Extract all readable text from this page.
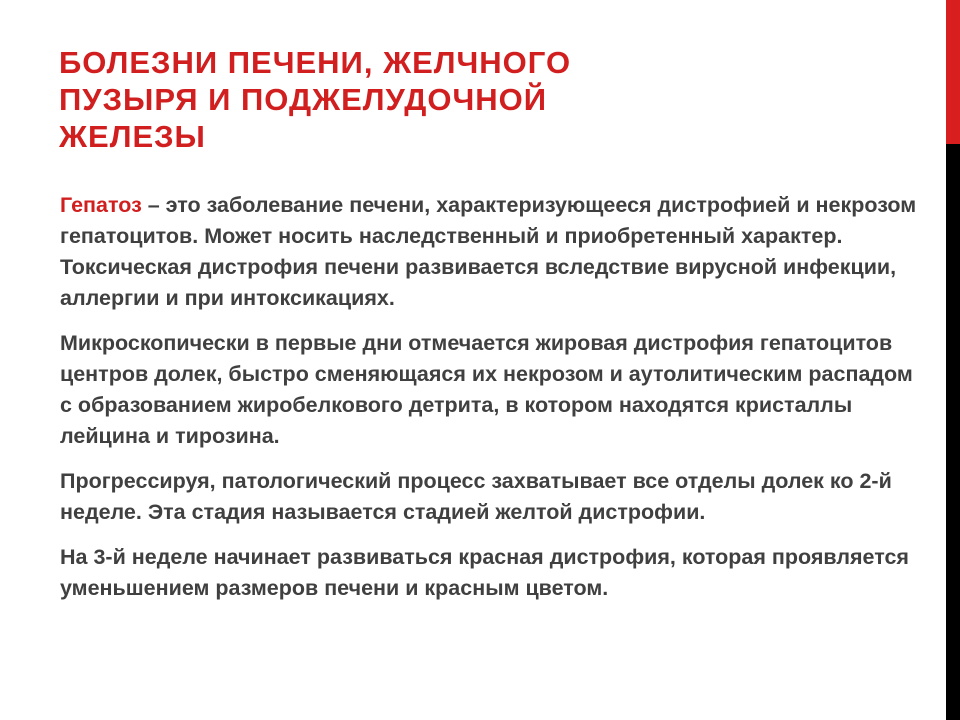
БОЛЕЗНИ ПЕЧЕНИ, ЖЕЛЧНОГО ПУЗЫРЯ И ПОДЖЕЛУДОЧНОЙ ЖЕЛЕЗЫ

Гепатоз – это заболевание печени, характеризующееся дистрофией и некрозом гепатоцитов. Может носить наследственный и приобретенный характер. Токсическая дистрофия печени развивается вследствие вирусной инфекции, аллергии и при интоксикациях.

Микроскопически в первые дни отмечается жировая дистрофия гепатоцитов центров долек, быстро сменяющаяся их некрозом и аутолитическим распадом с образованием жиробелкового детрита, в котором находятся кристаллы лейцина и тирозина.

Прогрессируя, патологический процесс захватывает все отделы долек ко 2-й неделе. Эта стадия называется стадией желтой дистрофии.

На 3-й неделе начинает развиваться красная дистрофия, которая проявляется уменьшением размеров печени и красным цветом.
